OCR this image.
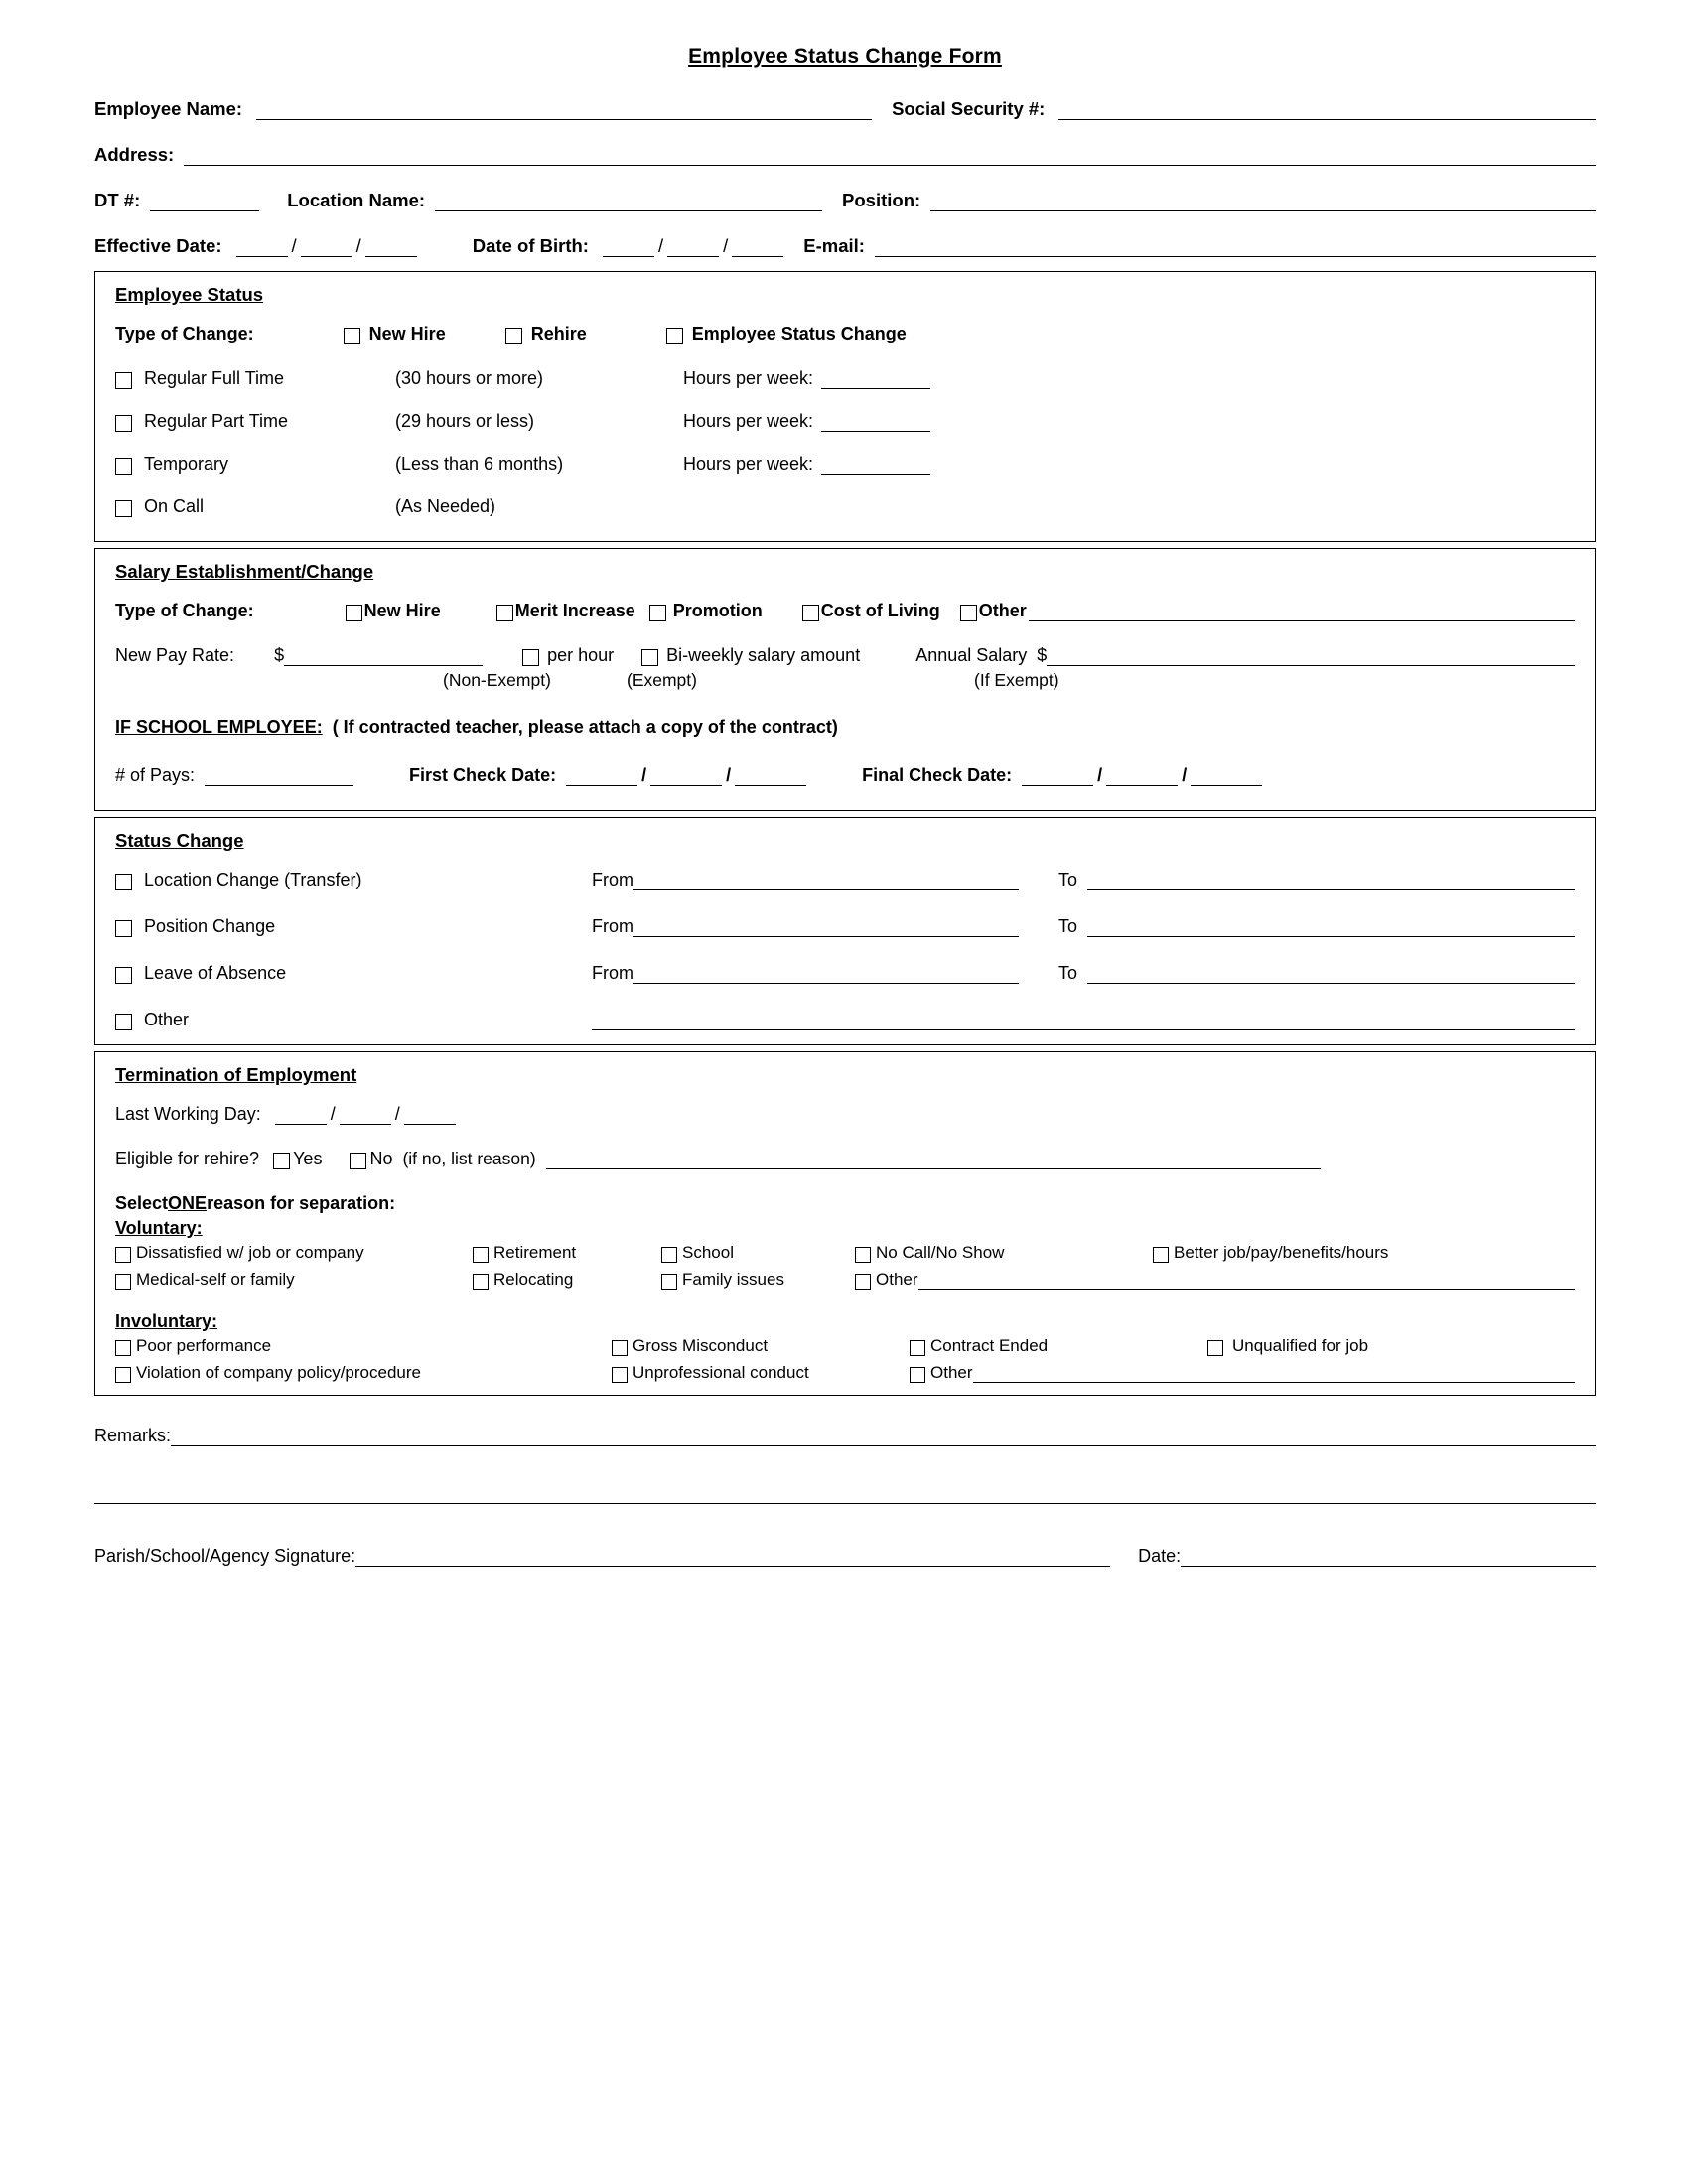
Employee Status Change Form
Employee Name:	Social Security #:
Address:
DT #:	Location Name:	Position:
Effective Date:	/	/	Date of Birth:	/	/	E-mail:
Employee Status
Type of Change:	New Hire	Rehire	Employee Status Change
Regular Full Time	(30 hours or more)	Hours per week:
Regular Part Time	(29 hours or less)	Hours per week:
Temporary	(Less than 6 months)	Hours per week:
On Call	(As Needed)
Salary Establishment/Change
Type of Change:	New Hire	Merit Increase Promotion	Cost of Living Other
New Pay Rate: $	per hour	Bi-weekly salary amount	Annual Salary $
(Non-Exempt)	(Exempt)	(If Exempt)
IF SCHOOL EMPLOYEE: ( If contracted teacher, please attach a copy of the contract)
# of Pays:	First Check Date:	/	/	Final Check Date:	/	/
Status Change
Location Change (Transfer)	From	To
Position Change	From	To
Leave of Absence	From	To
Other
Termination of Employment
Last Working Day:	/	/
Eligible for rehire? Yes	No (if no, list reason)
Select ONE reason for separation:
Voluntary:
Dissatisfied w/ job or company	Retirement	School	No Call/No Show	Better job/pay/benefits/hours
Medical-self or family	Relocating	Family issues	Other
Involuntary:
Poor performance	Gross Misconduct	Contract Ended	Unqualified for job
Violation of company policy/procedure	Unprofessional conduct	Other
Remarks:
Parish/School/Agency Signature:	Date:
